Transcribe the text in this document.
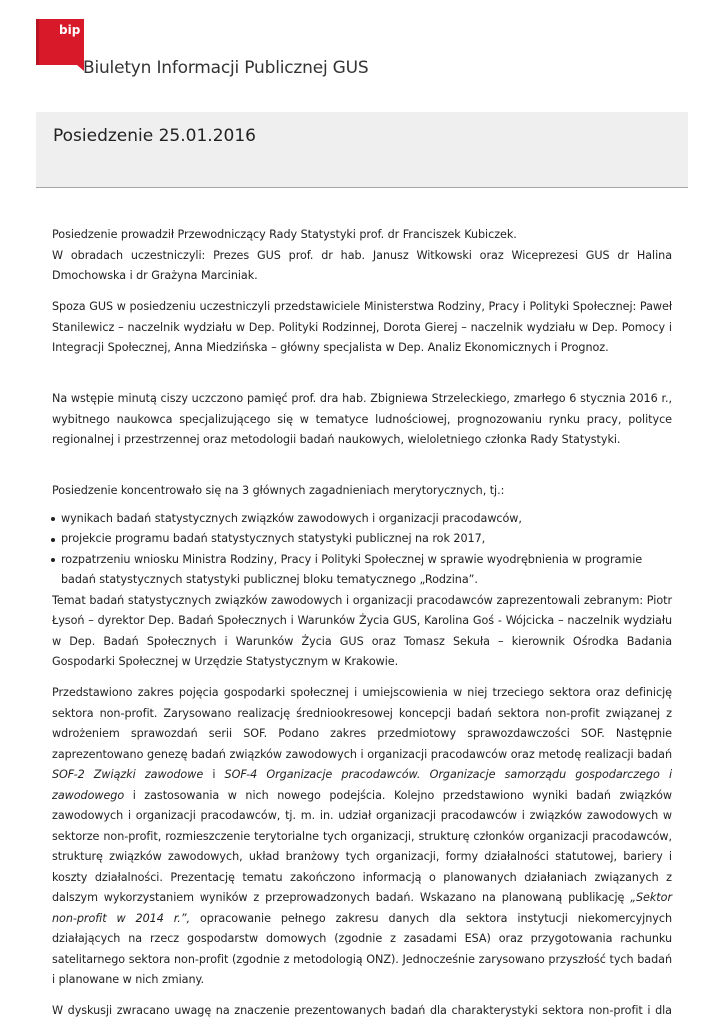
bip
Biuletyn Informacji Publicznej GUS
Posiedzenie 25.01.2016

Posiedzenie prowadził Przewodniczący Rady Statystyki prof. dr Franciszek Kubiczek.

W obradach uczestniczyli: Prezes GUS prof. dr hab. Janusz Witkowski oraz Wiceprezesi GUS dr Halina Dmochowska i dr Grażyna Marciniak.

Spoza GUS w posiedzeniu uczestniczyli przedstawiciele Ministerstwa Rodziny, Pracy i Polityki Społecznej: Paweł Stanilewicz – naczelnik wydziału w Dep. Polityki Rodzinnej, Dorota Gierej – naczelnik wydziału w Dep. Pomocy i Integracji Społecznej, Anna Miedzińska – główny specjalista w Dep. Analiz Ekonomicznych i Prognoz.

Na wstępie minutą ciszy uczczono pamięć prof. dra hab. Zbigniewa Strzeleckiego, zmarłego 6 stycznia 2016 r., wybitnego naukowca specjalizującego się w tematyce ludnościowej, prognozowaniu rynku pracy, polityce regionalnej i przestrzennej oraz metodologii badań naukowych, wieloletniego członka Rady Statystyki.

Posiedzenie koncentrowało się na 3 głównych zagadnieniach merytorycznych, tj.:

wynikach badań statystycznych związków zawodowych i organizacji pracodawców,
projekcie programu badań statystycznych statystyki publicznej na rok 2017,
rozpatrzeniu wniosku Ministra Rodziny, Pracy i Polityki Społecznej w sprawie wyodrębnienia w programie badań statystycznych statystyki publicznej bloku tematycznego „Rodzina”.

Temat badań statystycznych związków zawodowych i organizacji pracodawców zaprezentowali zebranym: Piotr Łysoń – dyrektor Dep. Badań Społecznych i Warunków Życia GUS, Karolina Goś - Wójcicka – naczelnik wydziału w Dep. Badań Społecznych i Warunków Życia GUS oraz Tomasz Sekuła – kierownik Ośrodka Badania Gospodarki Społecznej w Urzędzie Statystycznym w Krakowie.

Przedstawiono zakres pojęcia gospodarki społecznej i umiejscowienia w niej trzeciego sektora oraz definicję sektora non-profit. Zarysowano realizację średniookresowej koncepcji badań sektora non-profit związanej z wdrożeniem sprawozdań serii SOF. Podano zakres przedmiotowy sprawozdawczości SOF. Następnie zaprezentowano genezę badań związków zawodowych i organizacji pracodawców oraz metodę realizacji badań SOF-2 Związki zawodowe i SOF-4 Organizacje pracodawców. Organizacje samorządu gospodarczego i zawodowego i zastosowania w nich nowego podejścia. Kolejno przedstawiono wyniki badań związków zawodowych i organizacji pracodawców, tj. m. in. udział organizacji pracodawców i związków zawodowych w sektorze non-profit, rozmieszczenie terytorialne tych organizacji, strukturę członków organizacji pracodawców, strukturę związków zawodowych, układ branżowy tych organizacji, formy działalności statutowej, bariery i koszty działalności. Prezentację tematu zakończono informacją o planowanych działaniach związanych z dalszym wykorzystaniem wyników z przeprowadzonych badań. Wskazano na planowaną publikację „Sektor non-profit w 2014 r.”, opracowanie pełnego zakresu danych dla sektora instytucji niekomercyjnych działających na rzecz gospodarstw domowych (zgodnie z zasadami ESA) oraz przygotowania rachunku satelitarnego sektora non-profit (zgodnie z metodologią ONZ). Jednocześnie zarysowano przyszłość tych badań i planowane w nich zmiany.

W dyskusji zwracano uwagę na znaczenie prezentowanych badań dla charakterystyki sektora non-profit i dla
